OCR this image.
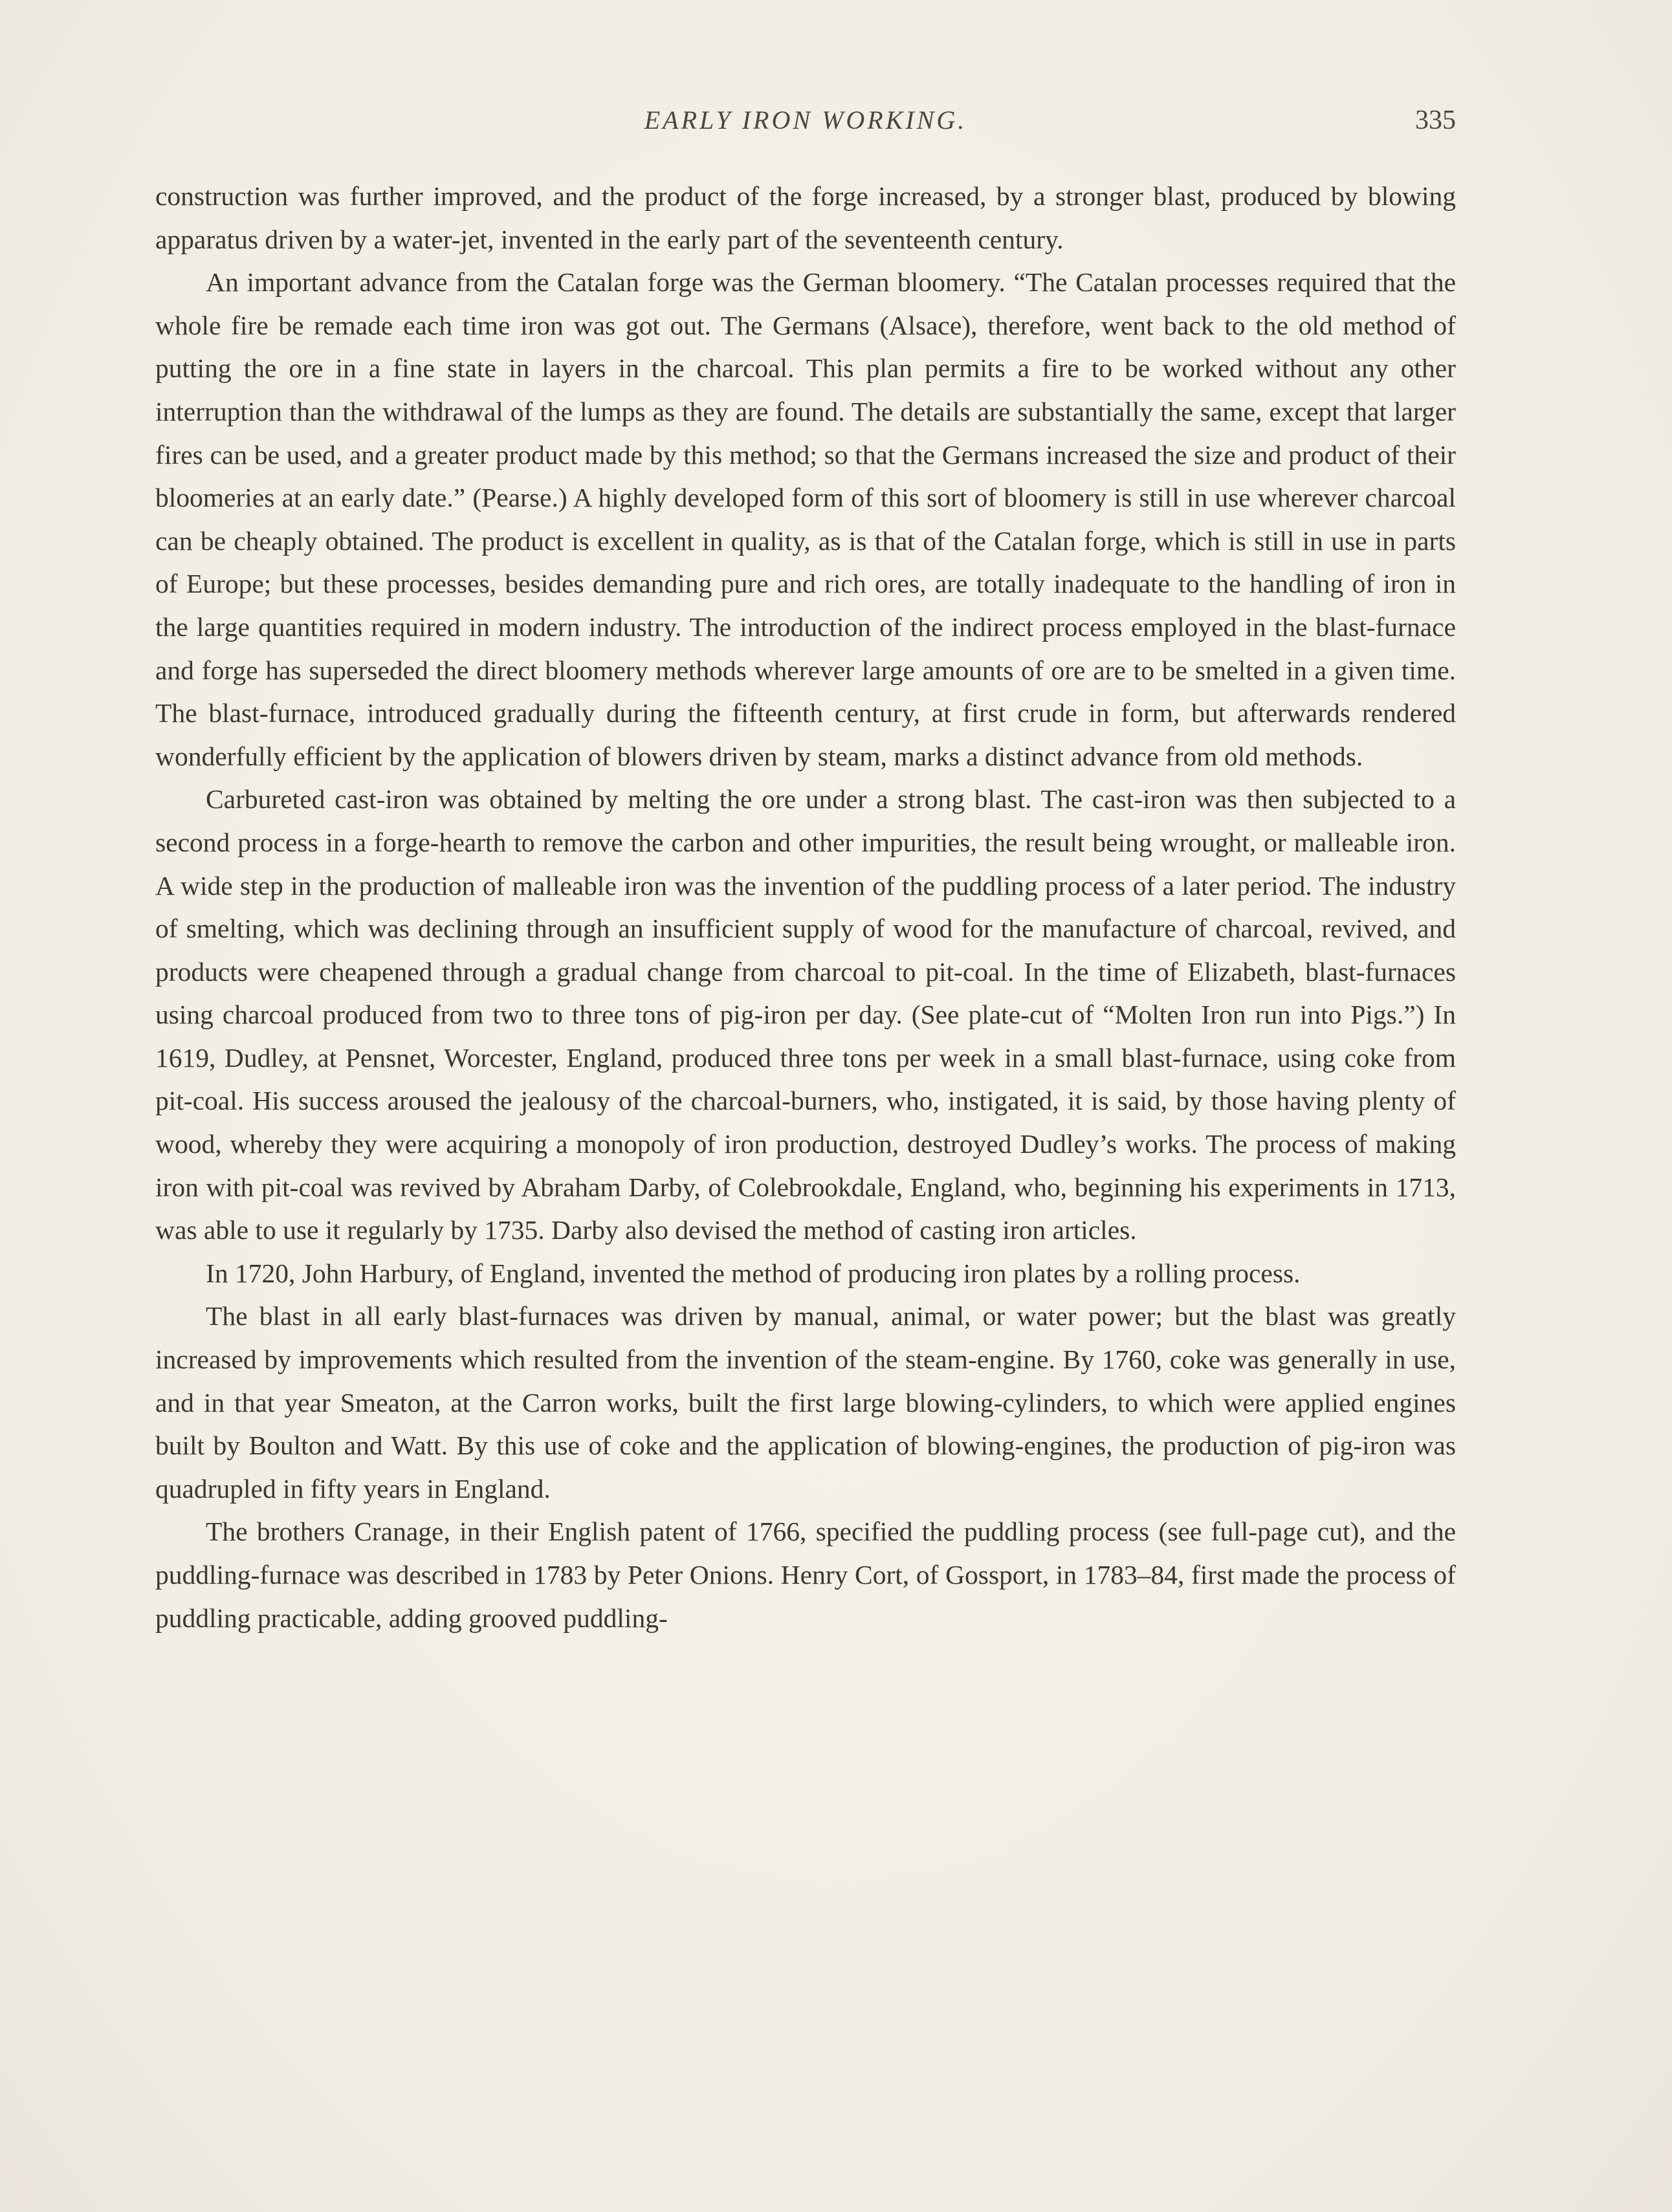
EARLY IRON WORKING.	335

construction was further improved, and the product of the forge increased, by a stronger blast, produced by blowing apparatus driven by a water-jet, invented in the early part of the seventeenth century.

An important advance from the Catalan forge was the German bloomery. “The Catalan processes required that the whole fire be remade each time iron was got out. The Germans (Alsace), therefore, went back to the old method of putting the ore in a fine state in layers in the charcoal. This plan permits a fire to be worked without any other interruption than the withdrawal of the lumps as they are found. The details are substantially the same, except that larger fires can be used, and a greater product made by this method; so that the Germans increased the size and product of their bloomeries at an early date.” (Pearse.) A highly developed form of this sort of bloomery is still in use wherever charcoal can be cheaply obtained. The product is excellent in quality, as is that of the Catalan forge, which is still in use in parts of Europe; but these processes, besides demanding pure and rich ores, are totally inadequate to the handling of iron in the large quantities required in modern industry. The introduction of the indirect process employed in the blast-furnace and forge has superseded the direct bloomery methods wherever large amounts of ore are to be smelted in a given time. The blast-furnace, introduced gradually during the fifteenth century, at first crude in form, but afterwards rendered wonderfully efficient by the application of blowers driven by steam, marks a distinct advance from old methods.

Carbureted cast-iron was obtained by melting the ore under a strong blast. The cast-iron was then subjected to a second process in a forge-hearth to remove the carbon and other impurities, the result being wrought, or malleable iron. A wide step in the production of malleable iron was the invention of the puddling process of a later period. The industry of smelting, which was declining through an insufficient supply of wood for the manufacture of charcoal, revived, and products were cheapened through a gradual change from charcoal to pit-coal. In the time of Elizabeth, blast-furnaces using charcoal produced from two to three tons of pig-iron per day. (See plate-cut of “Molten Iron run into Pigs.”) In 1619, Dudley, at Pensnet, Worcester, England, produced three tons per week in a small blast-furnace, using coke from pit-coal. His success aroused the jealousy of the charcoal-burners, who, instigated, it is said, by those having plenty of wood, whereby they were acquiring a monopoly of iron production, destroyed Dudley’s works. The process of making iron with pit-coal was revived by Abraham Darby, of Colebrookdale, England, who, beginning his experiments in 1713, was able to use it regularly by 1735. Darby also devised the method of casting iron articles.

In 1720, John Harbury, of England, invented the method of producing iron plates by a rolling process.

The blast in all early blast-furnaces was driven by manual, animal, or water power; but the blast was greatly increased by improvements which resulted from the invention of the steam-engine. By 1760, coke was generally in use, and in that year Smeaton, at the Carron works, built the first large blowing-cylinders, to which were applied engines built by Boulton and Watt. By this use of coke and the application of blowing-engines, the production of pig-iron was quadrupled in fifty years in England.

The brothers Cranage, in their English patent of 1766, specified the puddling process (see full-page cut), and the puddling-furnace was described in 1783 by Peter Onions. Henry Cort, of Gossport, in 1783–84, first made the process of puddling practicable, adding grooved puddling-
